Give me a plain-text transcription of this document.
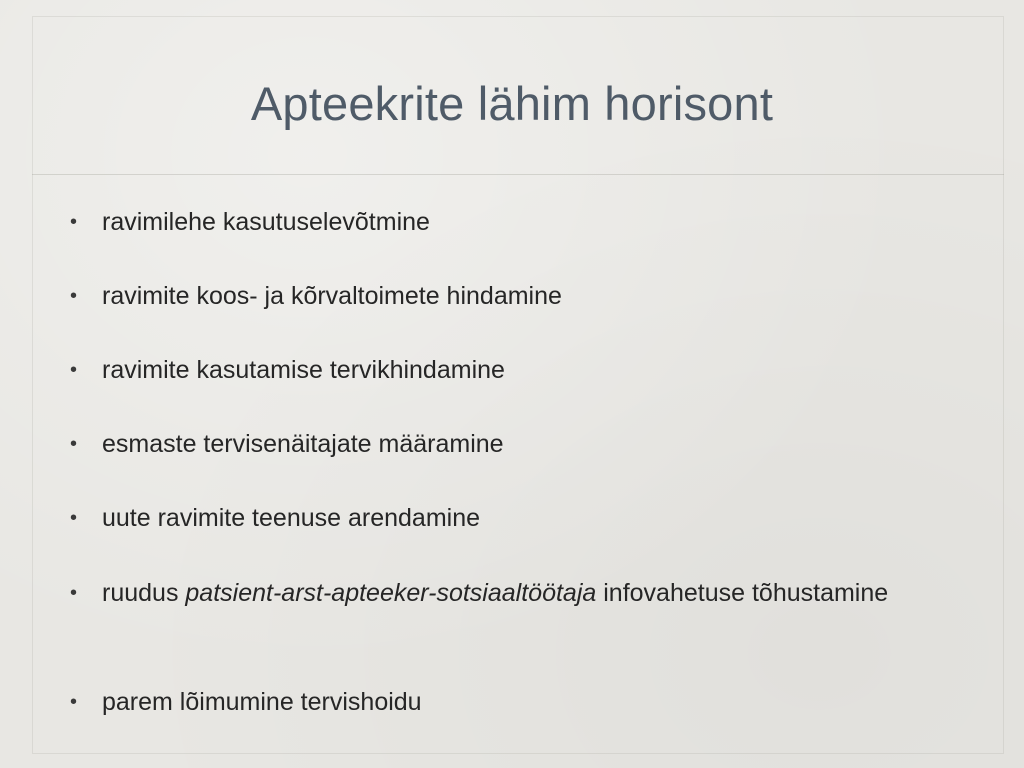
Apteekrite lähim horisont
• ravimilehe kasutuselevõtmine
• ravimite koos- ja kõrvaltoimete hindamine
• ravimite kasutamise tervikhindamine
• esmaste tervisenäitajate määramine
• uute ravimite teenuse arendamine
• ruudus patsient-arst-apteeker-sotsiaaltöötaja infovahetuse tõhustamine
• parem lõimumine tervishoidu
